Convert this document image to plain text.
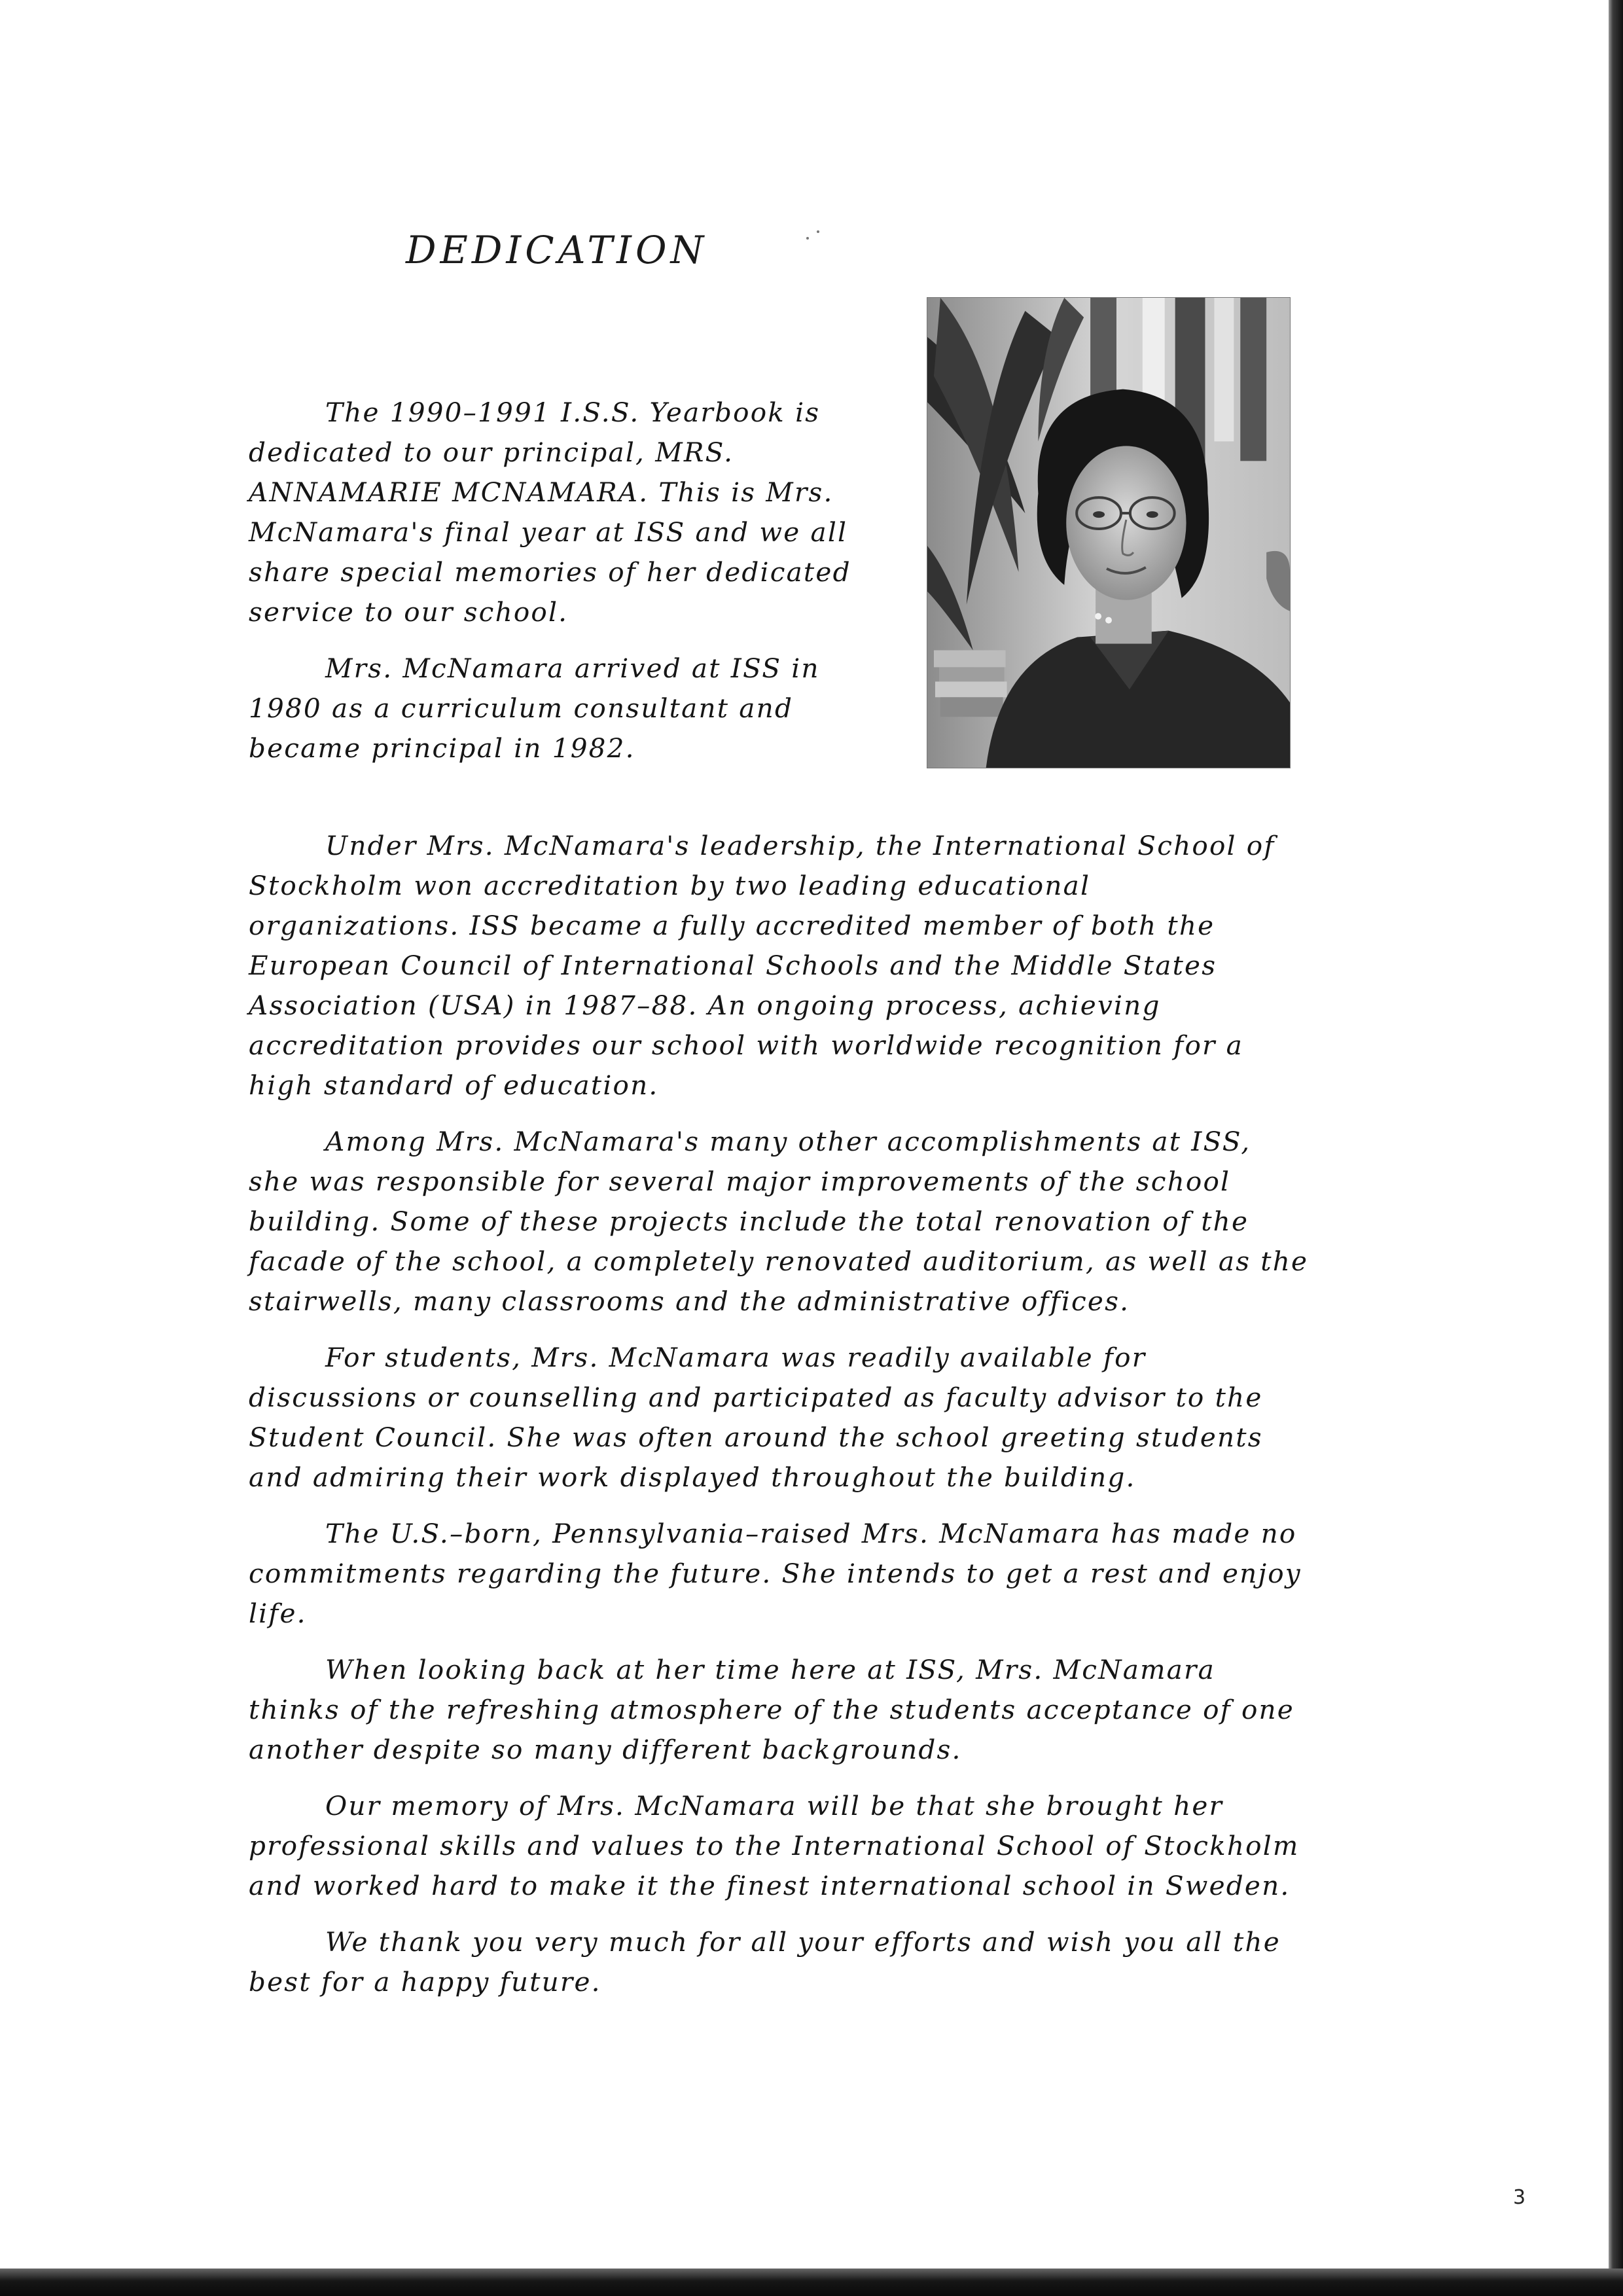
DEDICATION

The 1990–1991 I.S.S. Yearbook is dedicated to our principal, MRS. ANNAMARIE MCNAMARA. This is Mrs. McNamara's final year at ISS and we all share special memories of her dedicated service to our school.

Mrs. McNamara arrived at ISS in 1980 as a curriculum consultant and became principal in 1982.

Under Mrs. McNamara's leadership, the International School of Stockholm won accreditation by two leading educational organizations. ISS became a fully accredited member of both the European Council of International Schools and the Middle States Association (USA) in 1987–88. An ongoing process, achieving accreditation provides our school with worldwide recognition for a high standard of education.

Among Mrs. McNamara's many other accomplishments at ISS, she was responsible for several major improvements of the school building. Some of these projects include the total renovation of the facade of the school, a completely renovated auditorium, as well as the stairwells, many classrooms and the administrative offices.

For students, Mrs. McNamara was readily available for discussions or counselling and participated as faculty advisor to the Student Council. She was often around the school greeting students and admiring their work displayed throughout the building.

The U.S.–born, Pennsylvania–raised Mrs. McNamara has made no commitments regarding the future. She intends to get a rest and enjoy life.

When looking back at her time here at ISS, Mrs. McNamara thinks of the refreshing atmosphere of the students acceptance of one another despite so many different backgrounds.

Our memory of Mrs. McNamara will be that she brought her professional skills and values to the International School of Stockholm and worked hard to make it the finest international school in Sweden.

We thank you very much for all your efforts and wish you all the best for a happy future.

3
